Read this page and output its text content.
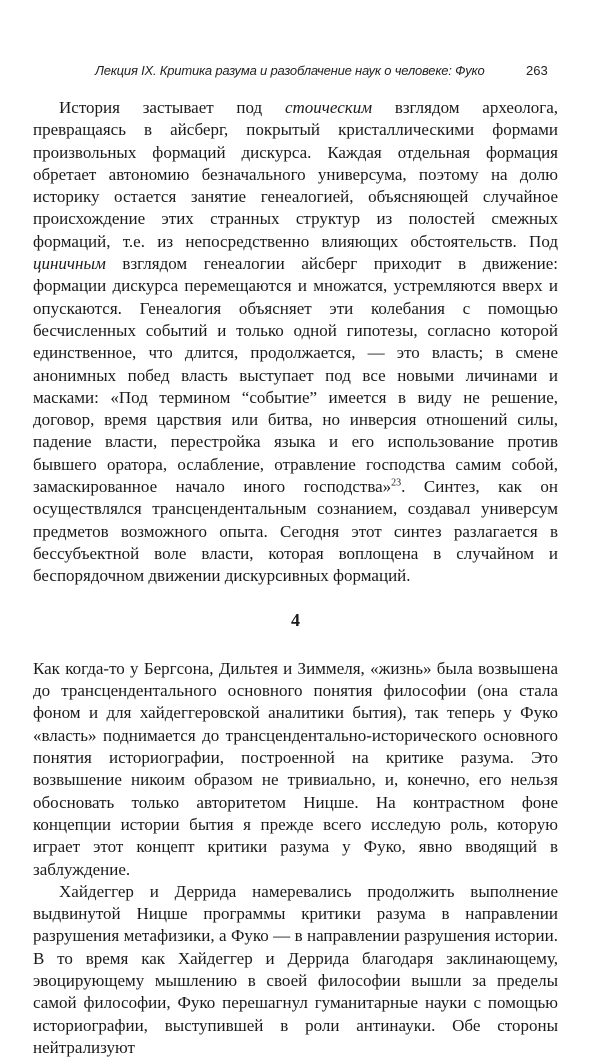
Лекция IX. Критика разума и разоблачение наук о человеке: Фуко	263

История застывает под стоическим взглядом археолога, превращаясь в айсберг, покрытый кристаллическими формами произвольных формаций дискурса. Каждая отдельная формация обретает автономию безначального универсума, поэтому на долю историку остается занятие генеалогией, объясняющей случайное происхождение этих странных структур из полостей смежных формаций, т.е. из непосредственно влияющих обстоятельств. Под циничным взглядом генеалогии айсберг приходит в движение: формации дискурса перемещаются и множатся, устремляются вверх и опускаются. Генеалогия объясняет эти колебания с помощью бесчисленных событий и только одной гипотезы, согласно которой единственное, что длится, продолжается, — это власть; в смене анонимных побед власть выступает под все новыми личинами и масками: «Под термином “событие” имеется в виду не решение, договор, время царствия или битва, но инверсия отношений силы, падение власти, перестройка языка и его использование против бывшего оратора, ослабление, отравление господства самим собой, замаскированное начало иного господства»$^{23}$. Синтез, как он осуществлялся трансцендентальным сознанием, создавал универсум предметов возможного опыта. Сегодня этот синтез разлагается в бессубъектной воле власти, которая воплощена в случайном и беспорядочном движении дискурсивных формаций.

4

Как когда-то у Бергсона, Дильтея и Зиммеля, «жизнь» была возвышена до трансцендентального основного понятия философии (она стала фоном и для хайдеггеровской аналитики бытия), так теперь у Фуко «власть» поднимается до трансцендентально-исторического основного понятия историографии, построенной на критике разума. Это возвышение никоим образом не тривиально, и, конечно, его нельзя обосновать только авторитетом Ницше. На контрастном фоне концепции истории бытия я прежде всего исследую роль, которую играет этот концепт критики разума у Фуко, явно вводящий в заблуждение.

Хайдеггер и Деррида намеревались продолжить выполнение выдвинутой Ницше программы критики разума в направлении разрушения метафизики, а Фуко — в направлении разрушения истории. В то время как Хайдеггер и Деррида благодаря заклинающему, эвоцирующему мышлению в своей философии вышли за пределы самой философии, Фуко перешагнул гуманитарные науки с помощью историографии, выступившей в роли антинауки. Обе стороны нейтрализуют
